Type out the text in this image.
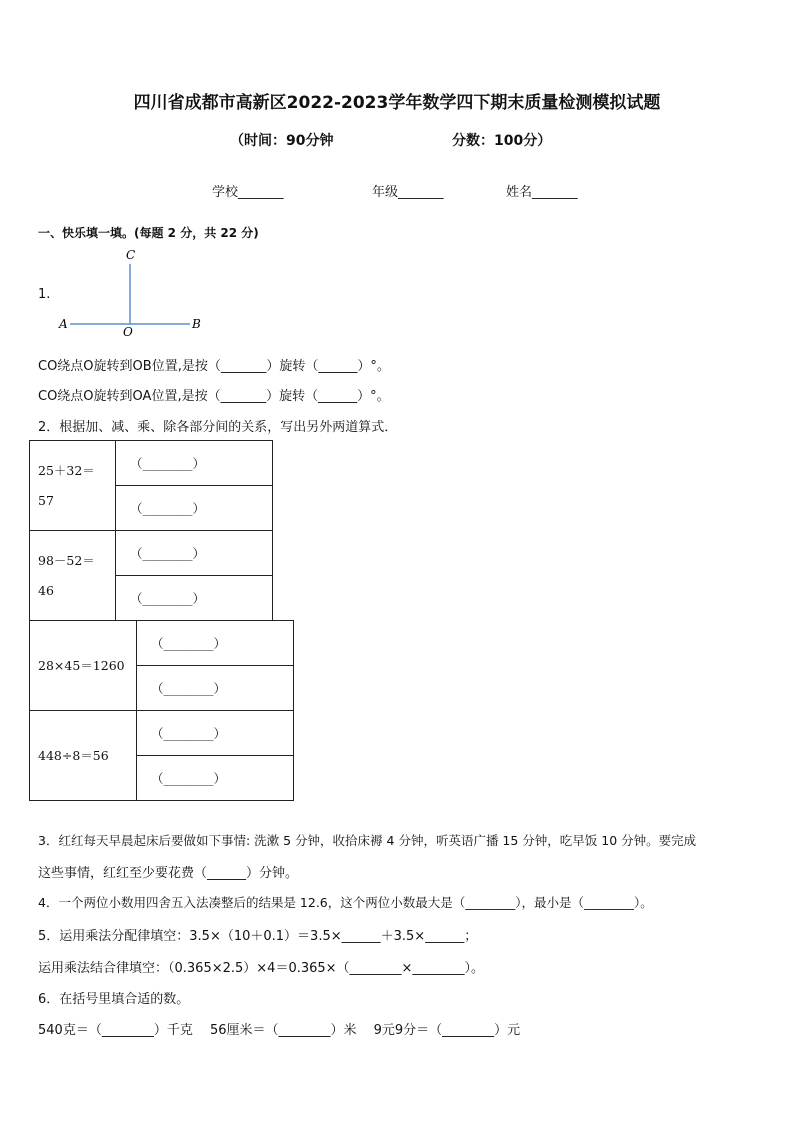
四川省成都市高新区2022-2023学年数学四下期末质量检测模拟试题
（时间：90分钟	分数：100分）
学校_______	年级_______	姓名_______
一、快乐填一填。(每题 2 分，共 22 分)
1.
C
A
O
B
CO绕点O旋转到OB位置,是按（_______）旋转（______）°。
CO绕点O旋转到OA位置,是按（_______）旋转（______）°。
2．根据加、减、乘、除各部分间的关系，写出另外两道算式．
25＋32＝
57	（________）
	（________）

98－52＝
46	（________）
	（________）
28×45＝1260	（________）
	（________）
448÷8＝56	（________）
	（________）
3．红红每天早晨起床后要做如下事情: 洗漱 5 分钟，收拾床褥 4 分钟，听英语广播 15 分钟，吃早饭 10 分钟。要完成
这些事情，红红至少要花费（______）分钟。
4．一个两位小数用四舍五入法凑整后的结果是 12.6，这个两位小数最大是（________），最小是（________）。
5．运用乘法分配律填空：3.5×（10＋0.1）＝3.5×______＋3.5×______；
运用乘法结合律填空：（0.365×2.5）×4＝0.365×（________×________）。
6．在括号里填合适的数。
540克＝（________）千克　 56厘米＝（________）米　 9元9分＝（________）元
